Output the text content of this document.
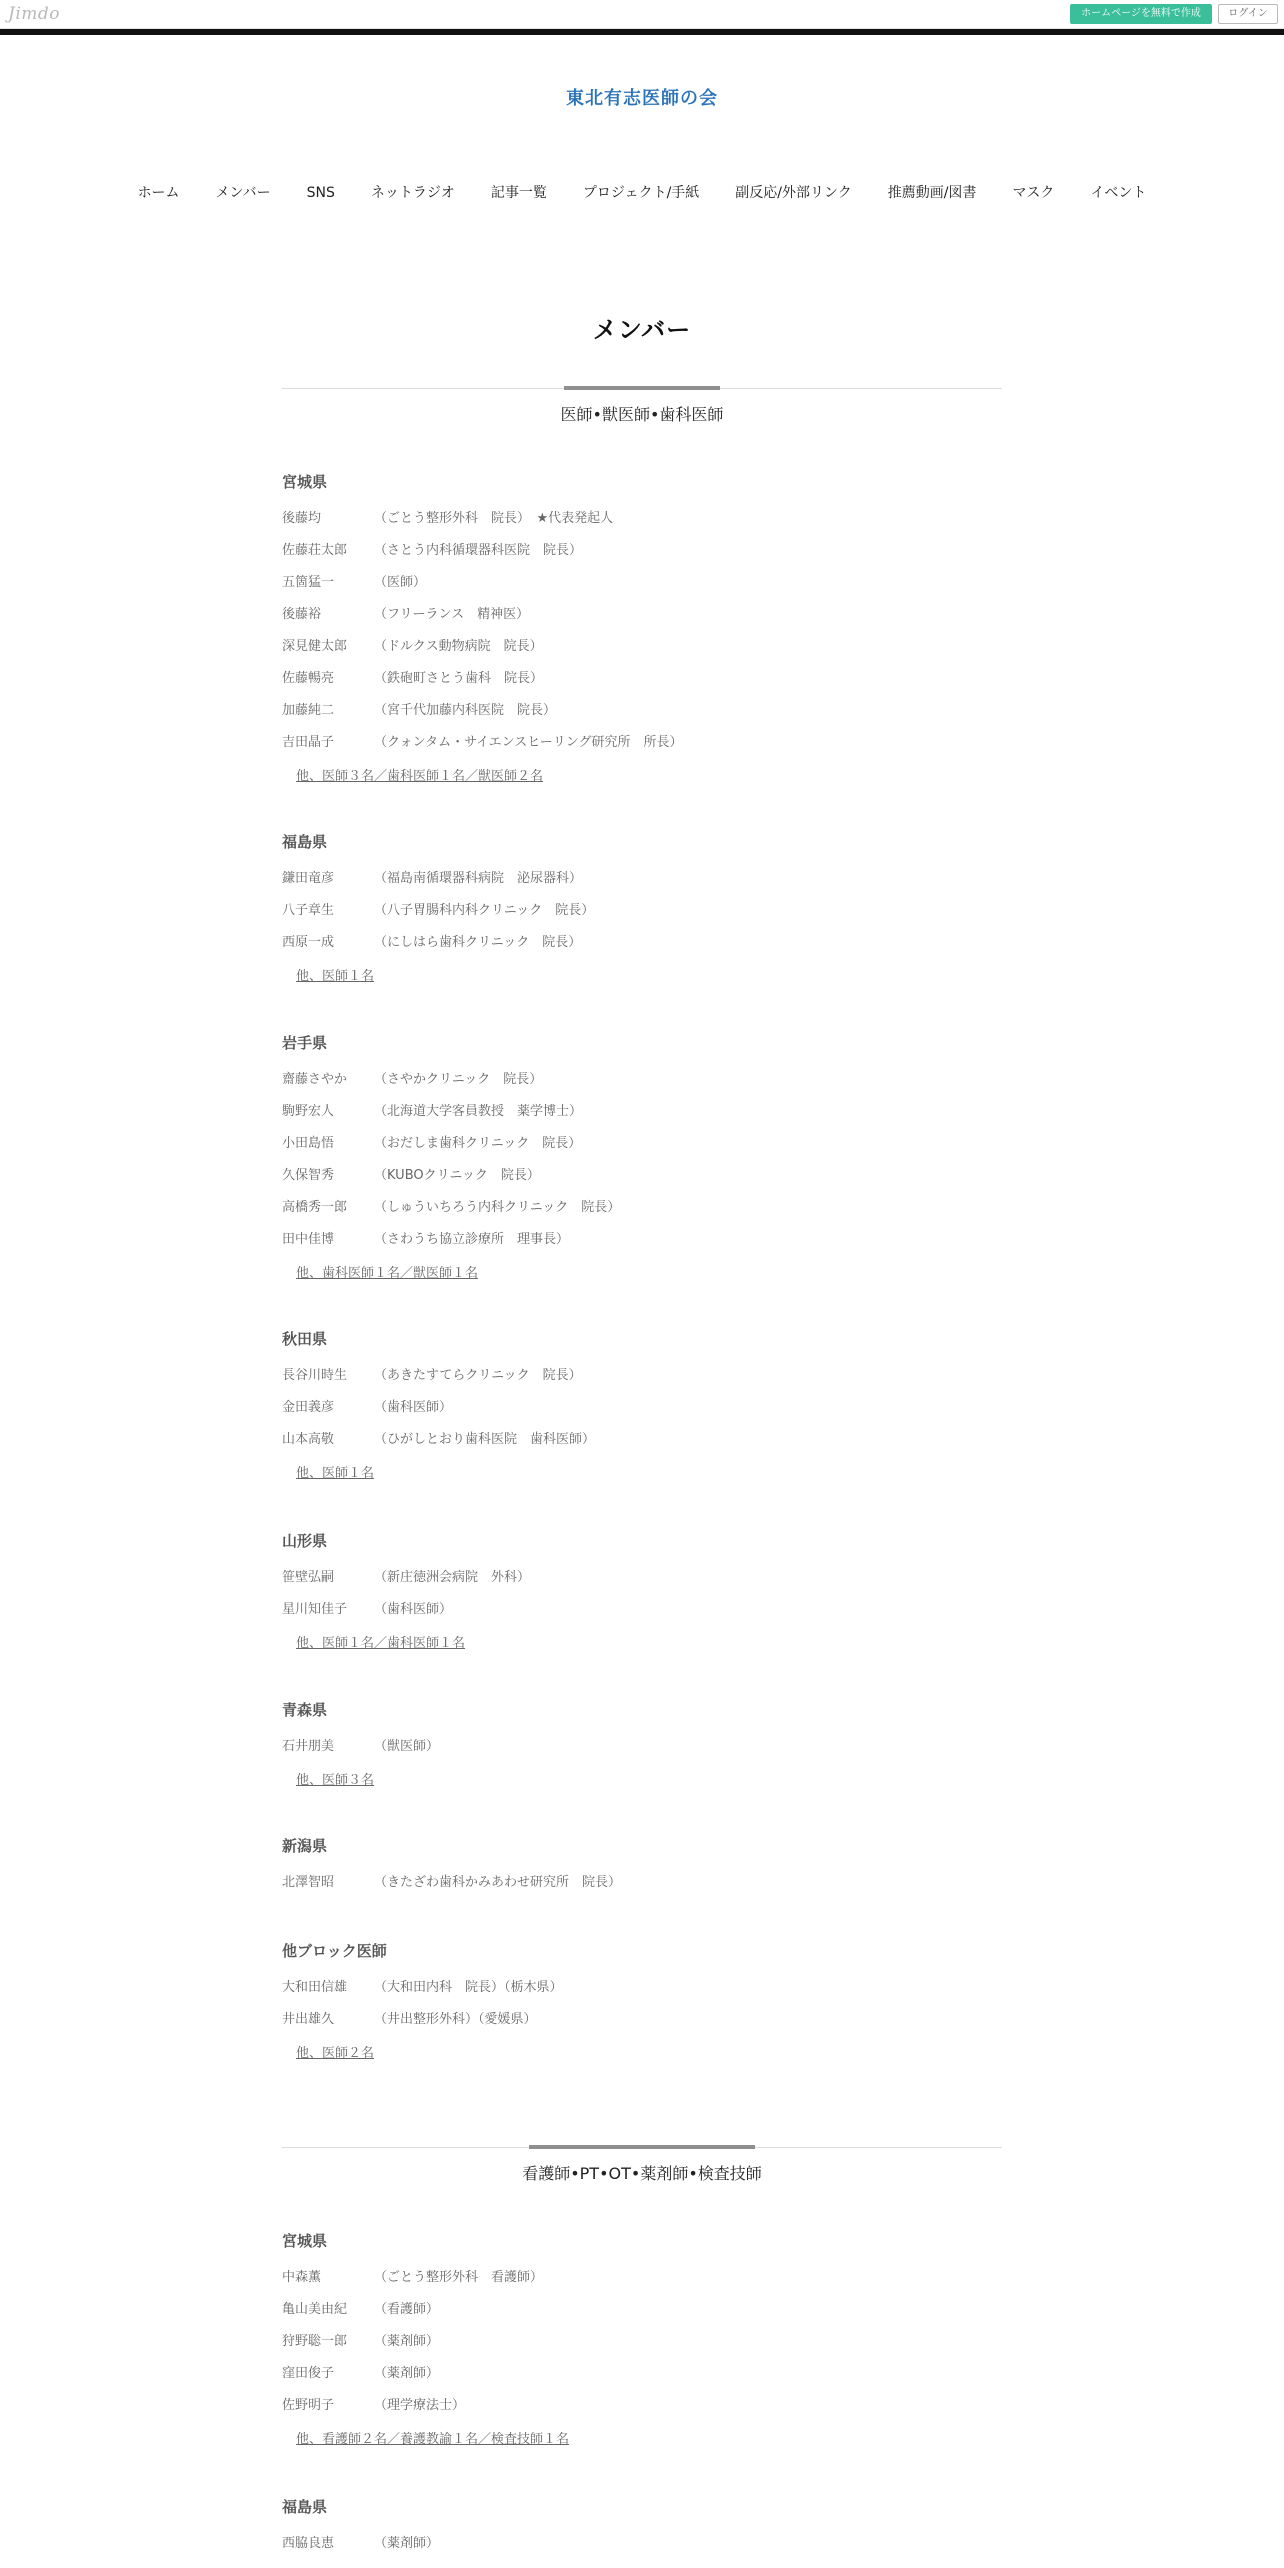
Jimdo	ホームページを無料で作成	ログイン
東北有志医師の会
ホーム	メンバー	SNS	ネットラジオ	記事一覧	プロジェクト/手紙	副反応/外部リンク	推薦動画/図書	マスク	イベント
メンバー
医師•獣医師•歯科医師
看護師•PT•OT•薬剤師•検査技師
宮城県
後藤均	（ごとう整形外科　院長）　★代表発起人
佐藤荘太郎	（さとう内科循環器科医院　院長）
五箇猛一	（医師）
後藤裕	（フリーランス　精神医）
深見健太郎	（ドルクス動物病院　院長）
佐藤暢亮	（鉄砲町さとう歯科　院長）
加藤純二	（宮千代加藤内科医院　院長）
吉田晶子	（クォンタム・サイエンスヒーリング研究所　所長）
他、医師３名／歯科医師１名／獣医師２名
福島県
鎌田竜彦	（福島南循環器科病院　泌尿器科）
八子章生	（八子胃腸科内科クリニック　院長）
西原一成	（にしはら歯科クリニック　院長）
他、医師１名
岩手県
齋藤さやか	（さやかクリニック　院長）
駒野宏人	（北海道大学客員教授　薬学博士）
小田島悟	（おだしま歯科クリニック　院長）
久保智秀	（KUBOクリニック　院長）
高橋秀一郎	（しゅういちろう内科クリニック　院長）
田中佳博	（さわうち協立診療所　理事長）
他、歯科医師１名／獣医師１名
秋田県
長谷川時生	（あきたすてらクリニック　院長）
金田義彦	（歯科医師）
山本高敬	（ひがしとおり歯科医院　歯科医師）
他、医師１名
山形県
笹壁弘嗣	（新庄徳洲会病院　外科）
星川知佳子	（歯科医師）
他、医師１名／歯科医師１名
青森県
石井朋美	（獣医師）
他、医師３名
新潟県
北澤智昭	（きたざわ歯科かみあわせ研究所　院長）
他ブロック医師
大和田信雄	（大和田内科　院長）（栃木県）
井出雄久	（井出整形外科）（愛媛県）
他、医師２名
宮城県
中森薫	（ごとう整形外科　看護師）
亀山美由紀	（看護師）
狩野聡一郎	（薬剤師）
窪田俊子	（薬剤師）
佐野明子	（理学療法士）
他、看護師２名／養護教諭１名／検査技師１名
福島県
西脇良恵	（薬剤師）
